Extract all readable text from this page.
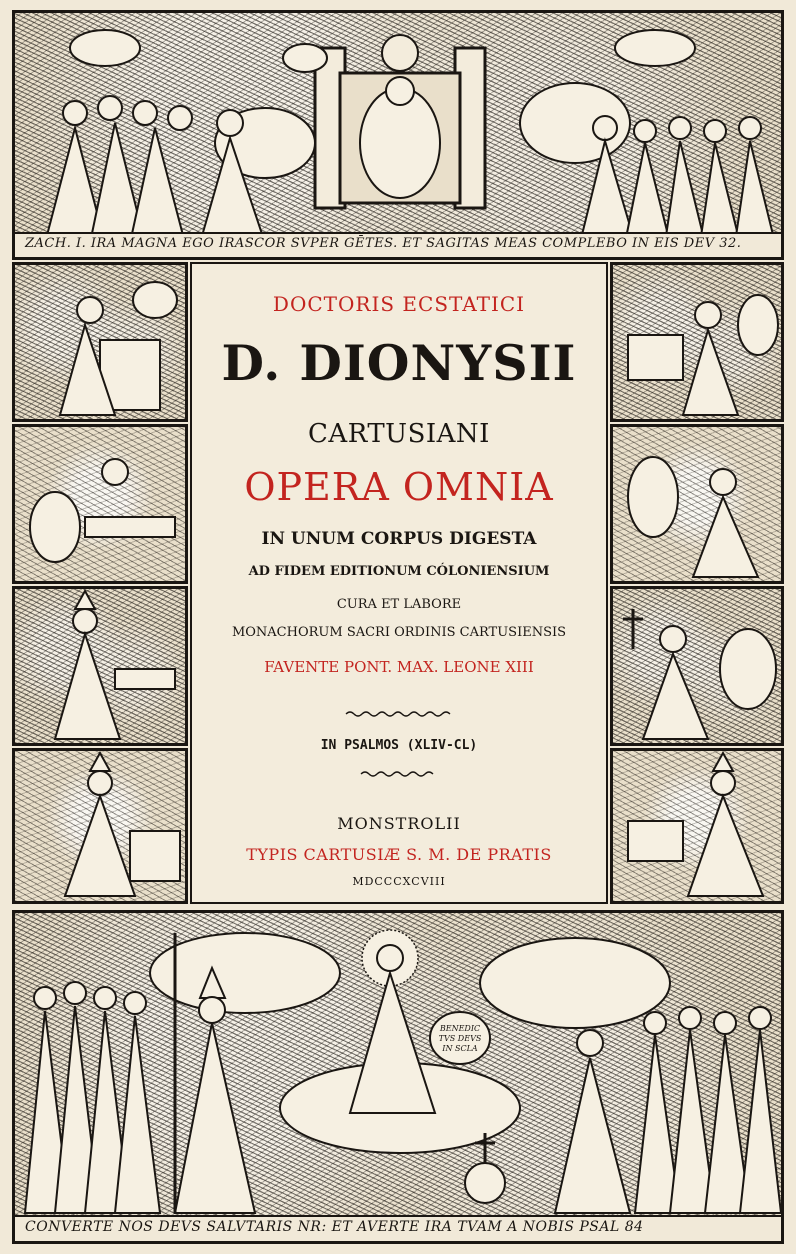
ZACH. I. IRA MAGNA EGO IRASCOR SVPER GĒTES. ET SAGITAS MEAS COMPLEBO IN EIS DEV 32.
DOCTORIS ECSTATICI
D. DIONYSII
CARTUSIANI
OPERA OMNIA
IN UNUM CORPUS DIGESTA
AD FIDEM EDITIONUM CÓLONIENSIUM
CURA ET LABORE
MONACHORUM SACRI ORDINIS CARTUSIENSIS
FAVENTE PONT. MAX. LEONE XIII
IN PSALMOS (XLIV-CL)
MONSTROLII
TYPIS CARTUSIÆ S. M. DE PRATIS
MDCCCXCVIII
BENEDIC
TVS DEVS
IN SCLA
CONVERTE NOS DEVS SALVTARIS NR: ET AVERTE IRA TVAM A NOBIS PSAL 84
